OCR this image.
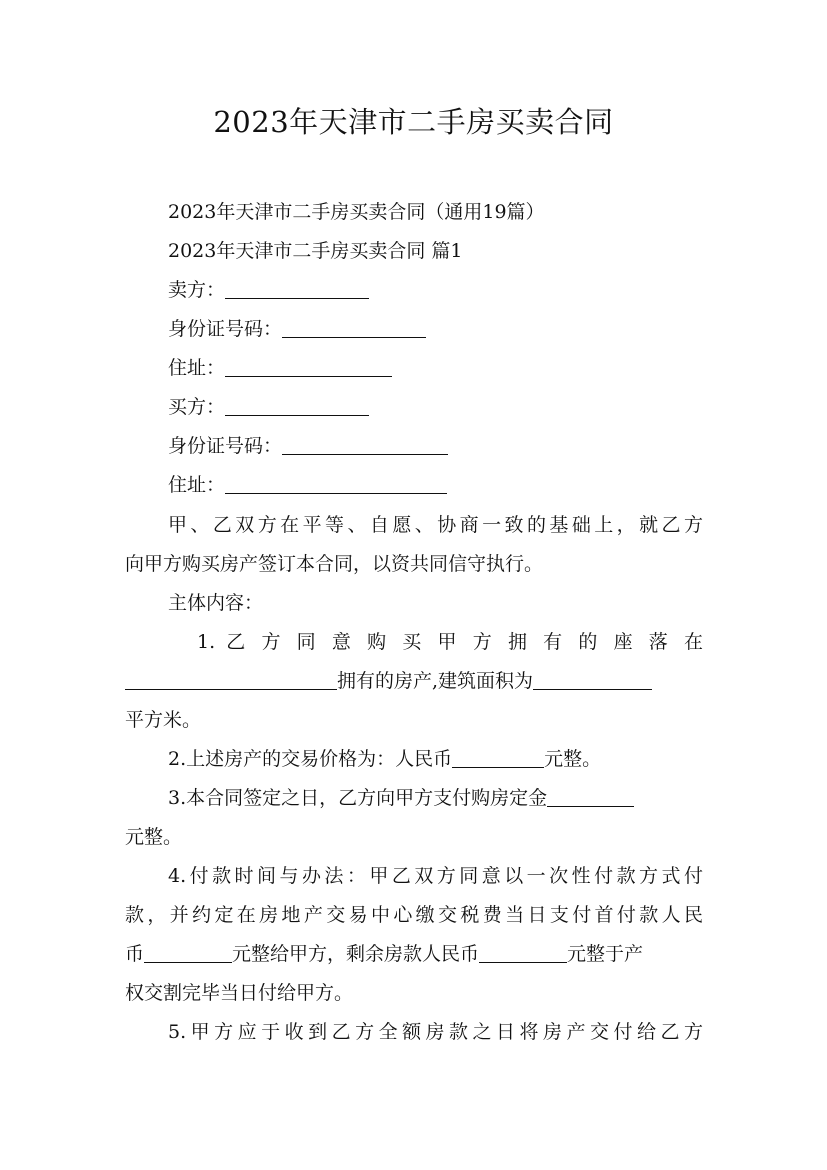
2023年天津市二手房买卖合同
2023年天津市二手房买卖合同（通用19篇）
2023年天津市二手房买卖合同 篇1
卖方：
身份证号码：
住址：
买方：
身份证号码：
住址：
甲、乙双方在平等、自愿、协商一致的基础上，就乙方
向甲方购买房产签订本合同，以资共同信守执行。
主体内容：
1. 乙 方 同 意 购 买 甲 方 拥 有 的 座 落 在
拥有的房产,建筑面积为
平方米。
2.上述房产的交易价格为：人民币	元整。
3.本合同签定之日，乙方向甲方支付购房定金
元整。
4.付款时间与办法：甲乙双方同意以一次性付款方式付
款，并约定在房地产交易中心缴交税费当日支付首付款人民
币	元整给甲方，剩余房款人民币	元整于产
权交割完毕当日付给甲方。
5.甲方应于收到乙方全额房款之日将房产交付给乙方
